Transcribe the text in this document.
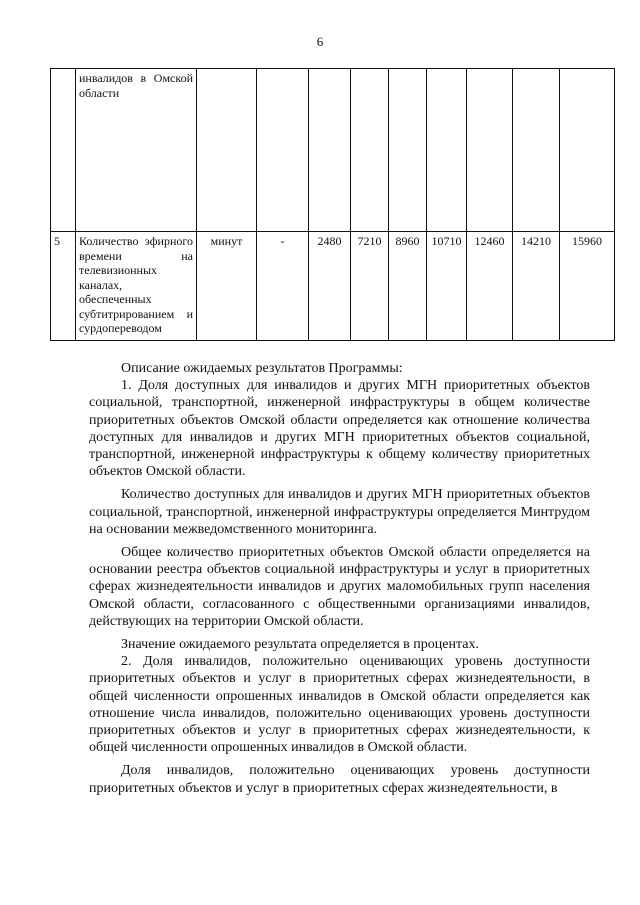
6
	инвалидов в Омской области									
5	Количество эфирного времени на телевизионных каналах, обеспеченных субтитрированием и сурдопереводом	минут	-	2480	7210	8960	10710	12460	14210	15960

Описание ожидаемых результатов Программы:

1. Доля доступных для инвалидов и других МГН приоритетных объектов социальной, транспортной, инженерной инфраструктуры в общем количестве приоритетных объектов Омской области определяется как отношение количества доступных для инвалидов и других МГН приоритетных объектов социальной, транспортной, инженерной инфраструктуры к общему количеству приоритетных объектов Омской области.

Количество доступных для инвалидов и других МГН приоритетных объектов социальной, транспортной, инженерной инфраструктуры определяется Минтрудом на основании межведомственного мониторинга.

Общее количество приоритетных объектов Омской области определяется на основании реестра объектов социальной инфраструктуры и услуг в приоритетных сферах жизнедеятельности инвалидов и других маломобильных групп населения Омской области, согласованного с общественными организациями инвалидов, действующих на территории Омской области.

Значение ожидаемого результата определяется в процентах.

2. Доля инвалидов, положительно оценивающих уровень доступности приоритетных объектов и услуг в приоритетных сферах жизнедеятельности, в общей численности опрошенных инвалидов в Омской области определяется как отношение числа инвалидов, положительно оценивающих уровень доступности приоритетных объектов и услуг в приоритетных сферах жизнедеятельности, к общей численности опрошенных инвалидов в Омской области.

Доля инвалидов, положительно оценивающих уровень доступности приоритетных объектов и услуг в приоритетных сферах жизнедеятельности, в
